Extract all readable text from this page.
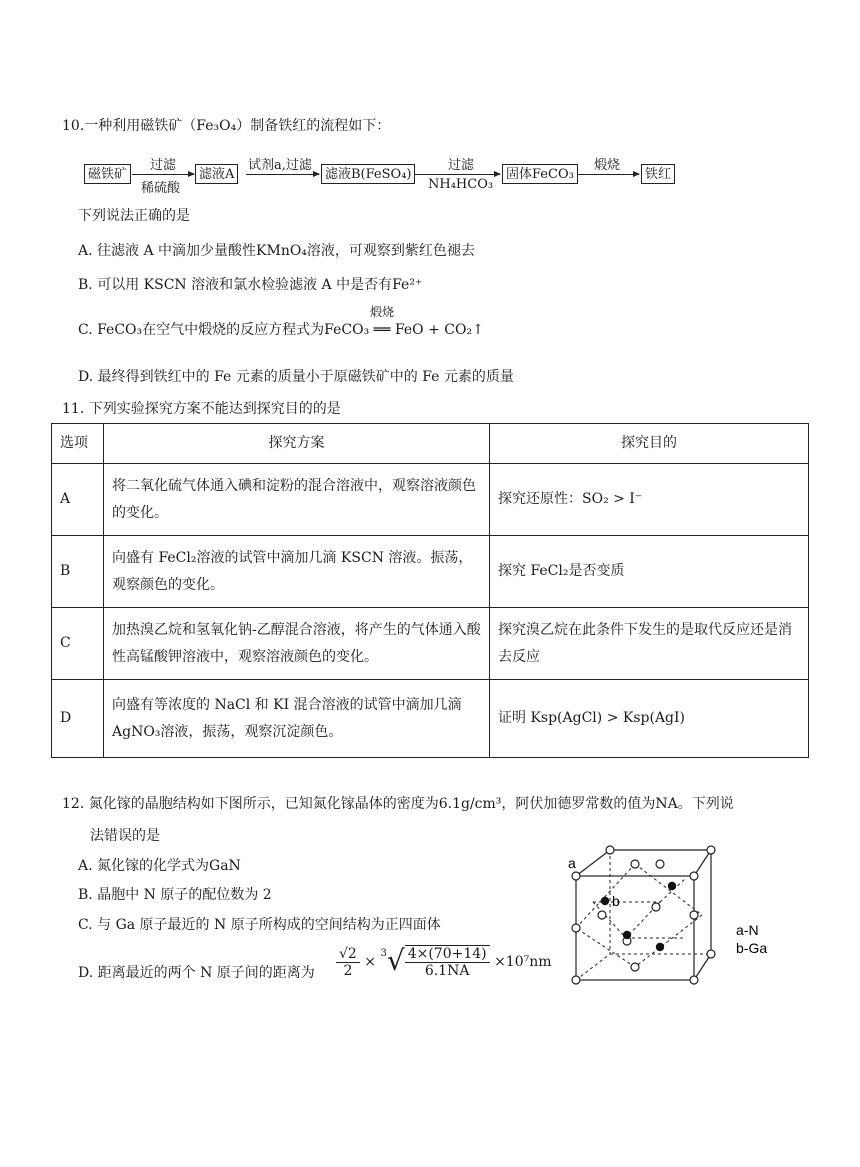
10.一种利用磁铁矿（Fe₃O₄）制备铁红的流程如下：
磁铁矿
过滤
稀硫酸
滤液A
试剂a,过滤
滤液B(FeSO₄)
过滤
NH₄HCO₃
固体FeCO₃
煅烧
铁红
下列说法正确的是
A. 往滤液 A 中滴加少量酸性KMnO₄溶液，可观察到紫红色褪去
B. 可以用 KSCN 溶液和氯水检验滤液 A 中是否有Fe²⁺
C. FeCO₃在空气中煅烧的反应方程式为FeCO₃ ══ FeO + CO₂↑
煅烧
D. 最终得到铁红中的 Fe 元素的质量小于原磁铁矿中的 Fe 元素的质量
11. 下列实验探究方案不能达到探究目的的是
选项	探究方案	探究目的
A	将二氧化硫气体通入碘和淀粉的混合溶液中，观察溶液颜色的变化。	探究还原性：SO₂ > I⁻
B	向盛有 FeCl₂溶液的试管中滴加几滴 KSCN 溶液。振荡，观察颜色的变化。	探究 FeCl₂是否变质
C	加热溴乙烷和氢氧化钠-乙醇混合溶液，将产生的气体通入酸性高锰酸钾溶液中，观察溶液颜色的变化。	探究溴乙烷在此条件下发生的是取代反应还是消去反应
D	向盛有等浓度的 NaCl 和 KI 混合溶液的试管中滴加几滴 AgNO₃溶液，振荡，观察沉淀颜色。	证明 Ksp(AgCl) > Ksp(AgI)
12. 氮化镓的晶胞结构如下图所示，已知氮化镓晶体的密度为6.1g/cm³，阿伏加德罗常数的值为NA。下列说
法错误的是
A. 氮化镓的化学式为GaN
B. 晶胞中 N 原子的配位数为 2
C. 与 Ga 原子最近的 N 原子所构成的空间结构为正四面体
D. 距离最近的两个 N 原子间的距离为 $\frac{√2}{2} \times ^3√ \frac{4\times(70+14)}{6.1NA} \times 10^7nm$
a
b
a-N
b-Ga
